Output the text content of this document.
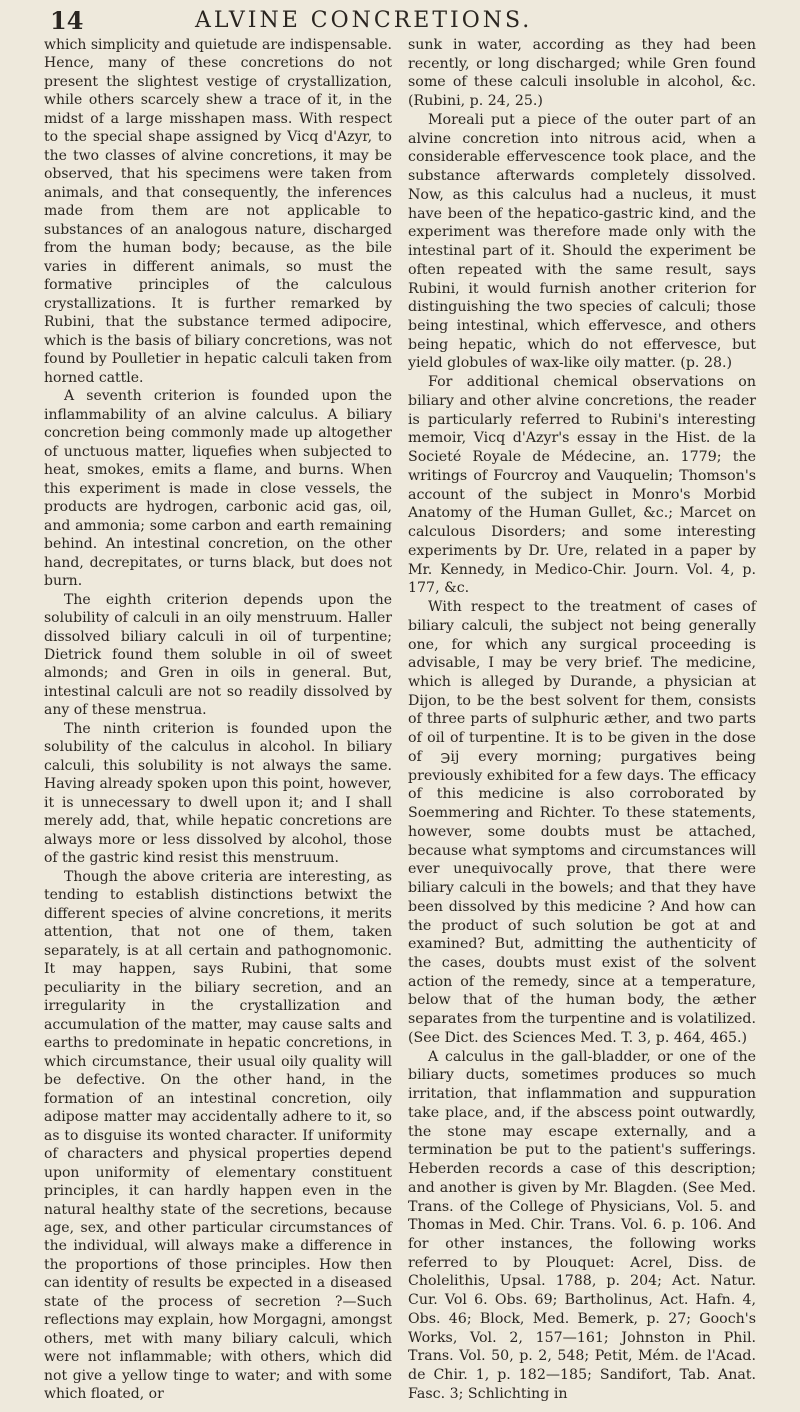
14	ALVINE CONCRETIONS.

which simplicity and quietude are indispensable. Hence, many of these concretions do not present the slightest vestige of crystallization, while others scarcely shew a trace of it, in the midst of a large misshapen mass. With respect to the special shape assigned by Vicq d'Azyr, to the two classes of alvine concretions, it may be observed, that his specimens were taken from animals, and that consequently, the inferences made from them are not applicable to substances of an analogous nature, discharged from the human body; because, as the bile varies in different animals, so must the formative principles of the calculous crystallizations. It is further remarked by Rubini, that the substance termed adipocire, which is the basis of biliary concretions, was not found by Poulletier in hepatic calculi taken from horned cattle.

A seventh criterion is founded upon the inflammability of an alvine calculus. A biliary concretion being commonly made up altogether of unctuous matter, liquefies when subjected to heat, smokes, emits a flame, and burns. When this experiment is made in close vessels, the products are hydrogen, carbonic acid gas, oil, and ammonia; some carbon and earth remaining behind. An intestinal concretion, on the other hand, decrepitates, or turns black, but does not burn.

The eighth criterion depends upon the solubility of calculi in an oily menstruum. Haller dissolved biliary calculi in oil of turpentine; Dietrick found them soluble in oil of sweet almonds; and Gren in oils in general. But, intestinal calculi are not so readily dissolved by any of these menstrua.

The ninth criterion is founded upon the solubility of the calculus in alcohol. In biliary calculi, this solubility is not always the same. Having already spoken upon this point, however, it is unnecessary to dwell upon it; and I shall merely add, that, while hepatic concretions are always more or less dissolved by alcohol, those of the gastric kind resist this menstruum.

Though the above criteria are interesting, as tending to establish distinctions betwixt the different species of alvine concretions, it merits attention, that not one of them, taken separately, is at all certain and pathognomonic. It may happen, says Rubini, that some peculiarity in the biliary secretion, and an irregularity in the crystallization and accumulation of the matter, may cause salts and earths to predominate in hepatic concretions, in which circumstance, their usual oily quality will be defective. On the other hand, in the formation of an intestinal concretion, oily adipose matter may accidentally adhere to it, so as to disguise its wonted character. If uniformity of characters and physical properties depend upon uniformity of elementary constituent principles, it can hardly happen even in the natural healthy state of the secretions, because age, sex, and other particular circumstances of the individual, will always make a difference in the proportions of those principles. How then can identity of results be expected in a diseased state of the process of secretion ?—Such reflections may explain, how Morgagni, amongst others, met with many biliary calculi, which were not inflammable; with others, which did not give a yellow tinge to water; and with some which floated, or

sunk in water, according as they had been recently, or long discharged; while Gren found some of these calculi insoluble in alcohol, &c. (Rubini, p. 24, 25.)

Moreali put a piece of the outer part of an alvine concretion into nitrous acid, when a considerable effervescence took place, and the substance afterwards completely dissolved. Now, as this calculus had a nucleus, it must have been of the hepatico-gastric kind, and the experiment was therefore made only with the intestinal part of it. Should the experiment be often repeated with the same result, says Rubini, it would furnish another criterion for distinguishing the two species of calculi; those being intestinal, which effervesce, and others being hepatic, which do not effervesce, but yield globules of wax-like oily matter. (p. 28.)

For additional chemical observations on biliary and other alvine concretions, the reader is particularly referred to Rubini's interesting memoir, Vicq d'Azyr's essay in the Hist. de la Societé Royale de Médecine, an. 1779; the writings of Fourcroy and Vauquelin; Thomson's account of the subject in Monro's Morbid Anatomy of the Human Gullet, &c.; Marcet on calculous Disorders; and some interesting experiments by Dr. Ure, related in a paper by Mr. Kennedy, in Medico-Chir. Journ. Vol. 4, p. 177, &c.

With respect to the treatment of cases of biliary calculi, the subject not being generally one, for which any surgical proceeding is advisable, I may be very brief. The medicine, which is alleged by Durande, a physician at Dijon, to be the best solvent for them, consists of three parts of sulphuric æther, and two parts of oil of turpentine. It is to be given in the dose of ℈ij every morning; purgatives being previously exhibited for a few days. The efficacy of this medicine is also corroborated by Soemmering and Richter. To these statements, however, some doubts must be attached, because what symptoms and circumstances will ever unequivocally prove, that there were biliary calculi in the bowels; and that they have been dissolved by this medicine ? And how can the product of such solution be got at and examined? But, admitting the authenticity of the cases, doubts must exist of the solvent action of the remedy, since at a temperature, below that of the human body, the æther separates from the turpentine and is volatilized. (See Dict. des Sciences Med. T. 3, p. 464, 465.)

A calculus in the gall-bladder, or one of the biliary ducts, sometimes produces so much irritation, that inflammation and suppuration take place, and, if the abscess point outwardly, the stone may escape externally, and a termination be put to the patient's sufferings. Heberden records a case of this description; and another is given by Mr. Blagden. (See Med. Trans. of the College of Physicians, Vol. 5. and Thomas in Med. Chir. Trans. Vol. 6. p. 106. And for other instances, the following works referred to by Plouquet: Acrel, Diss. de Cholelithis, Upsal. 1788, p. 204; Act. Natur. Cur. Vol 6. Obs. 69; Bartholinus, Act. Hafn. 4, Obs. 46; Block, Med. Bemerk, p. 27; Gooch's Works, Vol. 2, 157—161; Johnston in Phil. Trans. Vol. 50, p. 2, 548; Petit, Mém. de l'Acad. de Chir. 1, p. 182—185; Sandifort, Tab. Anat. Fasc. 3; Schlichting in
